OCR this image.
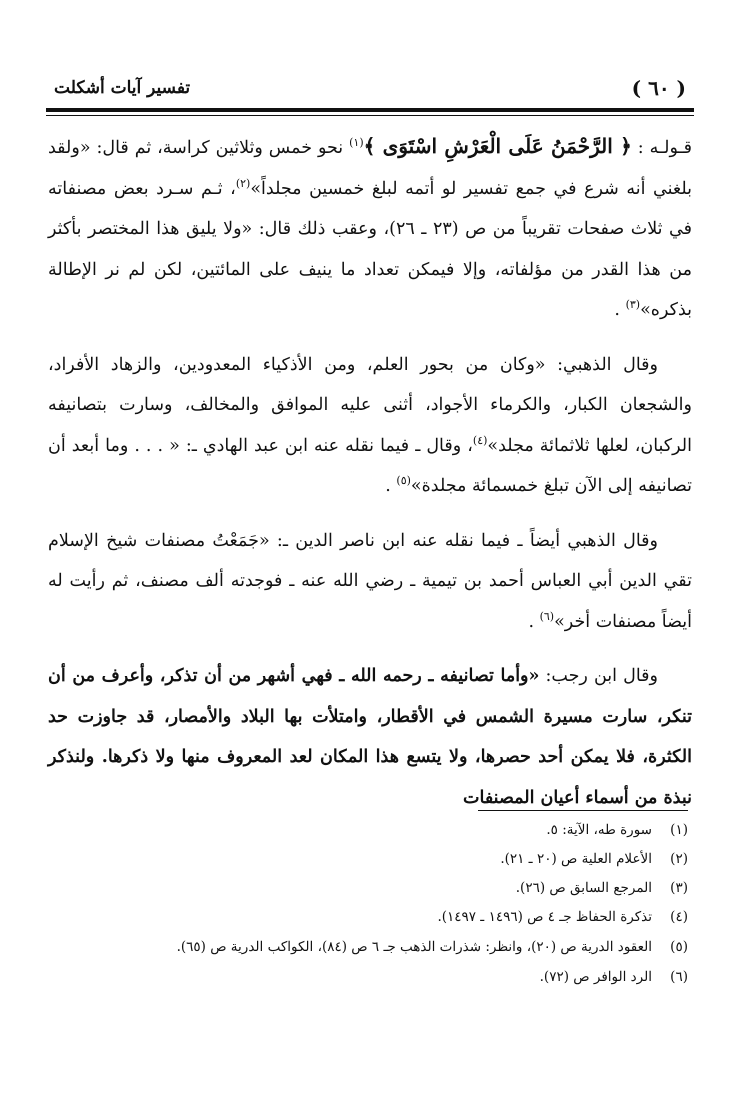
( ٦٠ )
تفسير آيات أشكلت

قـولـه : ﴿ الرَّحْمَنُ عَلَى الْعَرْشِ اسْتَوَى ﴾$^{(١)}$ نحو خمس وثلاثين كراسة، ثم قال: «ولقد بلغني أنه شرع في جمع تفسير لو أتمه لبلغ خمسين مجلداً»$^{(٢)}$، ثـم سـرد بعض مصنفاته في ثلاث صفحات تقريباً من ص (٢٣ ـ ٢٦)، وعقب ذلك قال: «ولا يليق هذا المختصر بأكثر من هذا القدر من مؤلفاته، وإلا فيمكن تعداد ما ينيف على المائتين، لكن لم نر الإطالة بذكره»$^{(٣)}$ .

وقال الذهبي: «وكان من بحور العلم، ومن الأذكياء المعدودين، والزهاد الأفراد، والشجعان الكبار، والكرماء الأجواد، أثنى عليه الموافق والمخالف، وسارت بتصانيفه الركبان، لعلها ثلاثمائة مجلد»$^{(٤)}$، وقال ـ فيما نقله عنه ابن عبد الهادي ـ: « . . . وما أبعد أن تصانيفه إلى الآن تبلغ خمسمائة مجلدة»$^{(٥)}$ .

وقال الذهبي أيضاً ـ فيما نقله عنه ابن ناصر الدين ـ: «جَمَعْتُ مصنفات شيخ الإسلام تقي الدين أبي العباس أحمد بن تيمية ـ رضي الله عنه ـ فوجدته ألف مصنف، ثم رأيت له أيضاً مصنفات أخر»$^{(٦)}$ .

وقال ابن رجب: «وأما تصانيفه ـ رحمه الله ـ فهي أشهر من أن تذكر، وأعرف من أن تنكر، سارت مسيرة الشمس في الأقطار، وامتلأت بها البلاد والأمصار، قد جاوزت حد الكثرة، فلا يمكن أحد حصرها، ولا يتسع هذا المكان لعد المعروف منها ولا ذكرها. ولنذكر نبذة من أسماء أعيان المصنفات

(١)سورة طه، الآية: ٥.

(٢)الأعلام العلية ص (٢٠ ـ ٢١).

(٣)المرجع السابق ص (٢٦).

(٤)تذكرة الحفاظ جـ ٤ ص (١٤٩٦ ـ ١٤٩٧).

(٥)العقود الدرية ص (٢٠)، وانظر: شذرات الذهب جـ ٦ ص (٨٤)، الكواكب الدرية ص (٦٥).

(٦)الرد الوافر ص (٧٢).
